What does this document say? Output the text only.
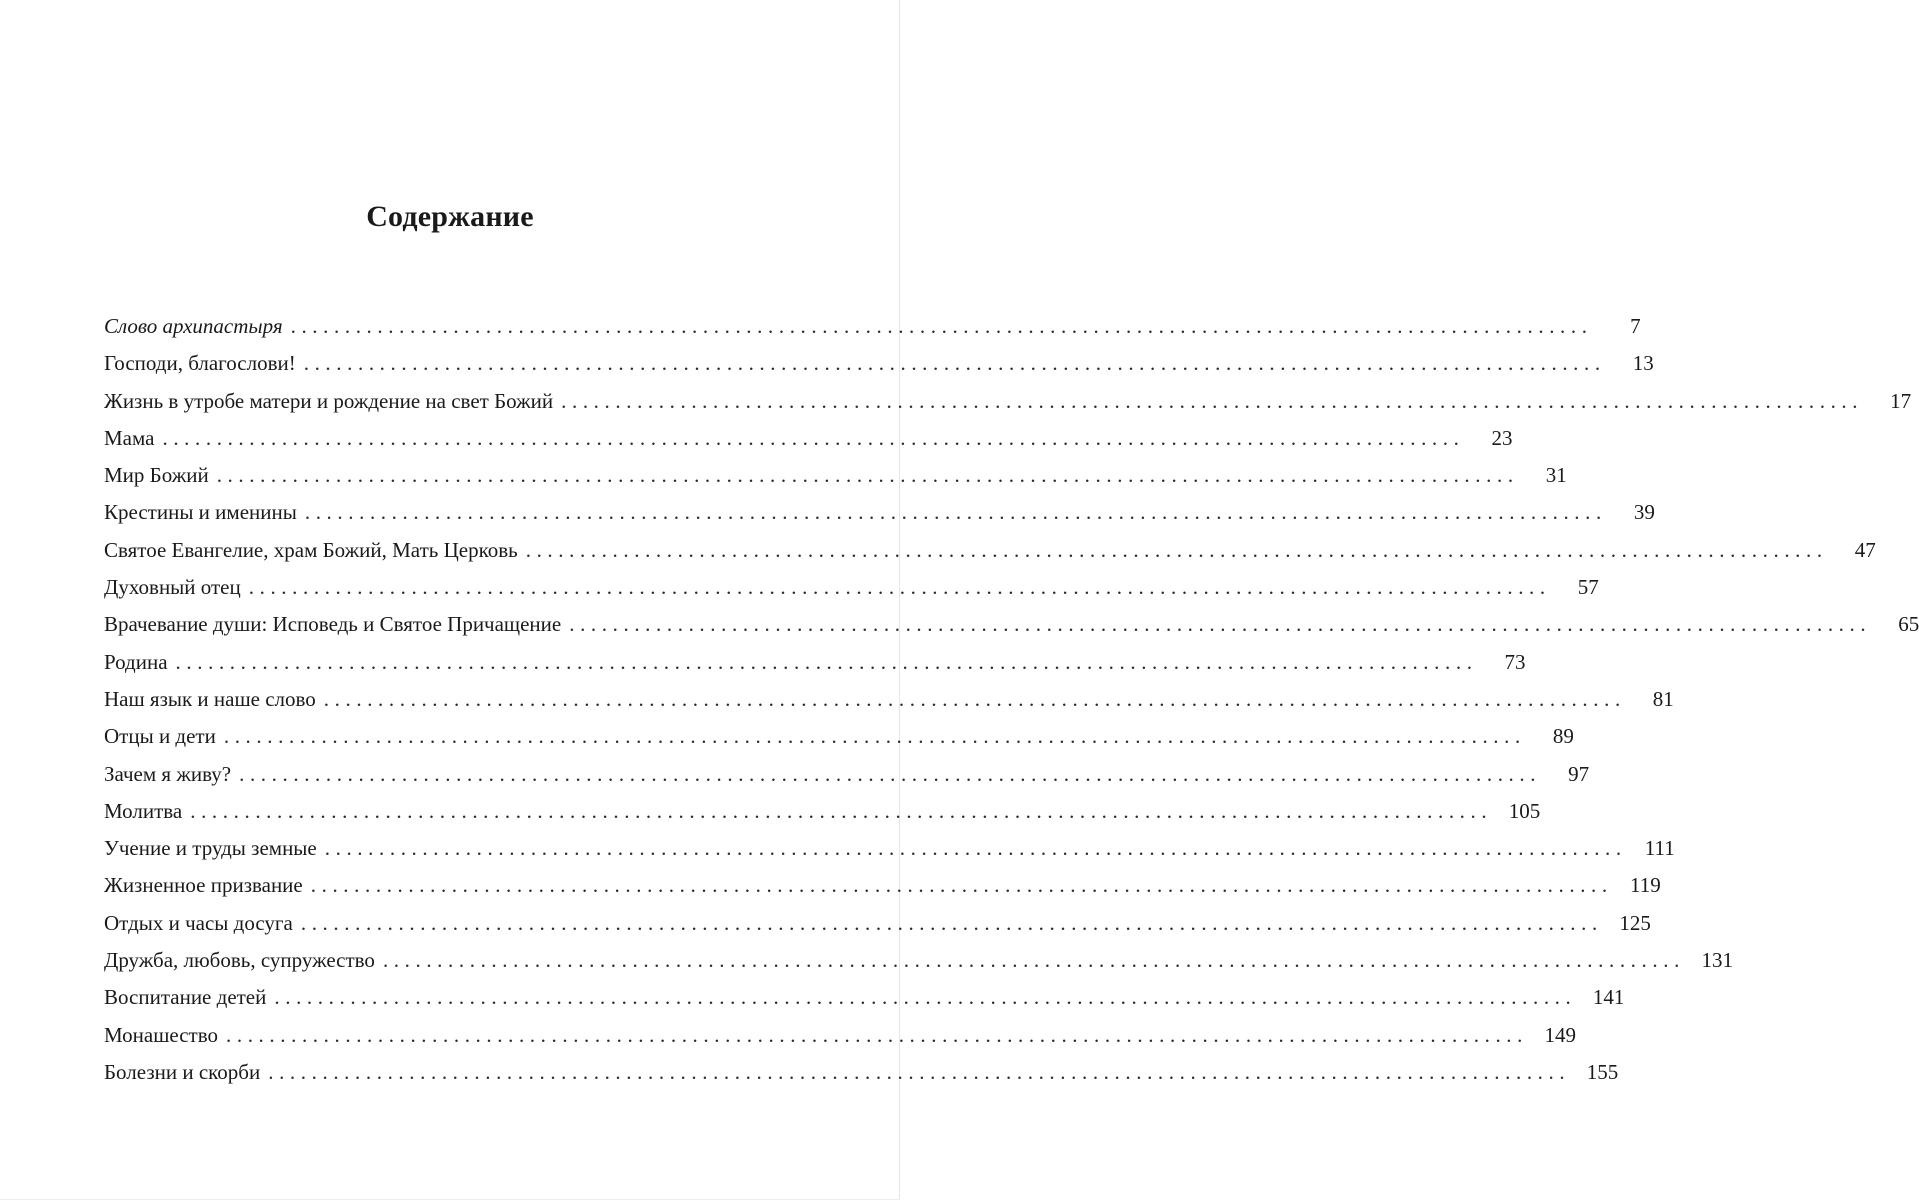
Содержание
Слово архипастыря ........................................................................................................................	7
Господи, благослови! ........................................................................................................................	13
Жизнь в утробе матери и рождение на свет Божий ........................................................................................................................	17
Мама ........................................................................................................................	23
Мир Божий ........................................................................................................................	31
Крестины и именины ........................................................................................................................	39
Святое Евангелие, храм Божий, Мать Церковь ........................................................................................................................	47
Духовный отец ........................................................................................................................	57
Врачевание души: Исповедь и Святое Причащение ........................................................................................................................	65
Родина ........................................................................................................................	73
Наш язык и наше слово ........................................................................................................................	81
Отцы и дети ........................................................................................................................	89
Зачем я живу? ........................................................................................................................	97
Молитва ........................................................................................................................ 105
Учение и труды земные ........................................................................................................................ 111
Жизненное призвание ........................................................................................................................ 119
Отдых и часы досуга ........................................................................................................................ 125
Дружба, любовь, супружество ........................................................................................................................ 131
Воспитание детей ........................................................................................................................ 141
Монашество ........................................................................................................................ 149
Болезни и скорби ........................................................................................................................ 155
